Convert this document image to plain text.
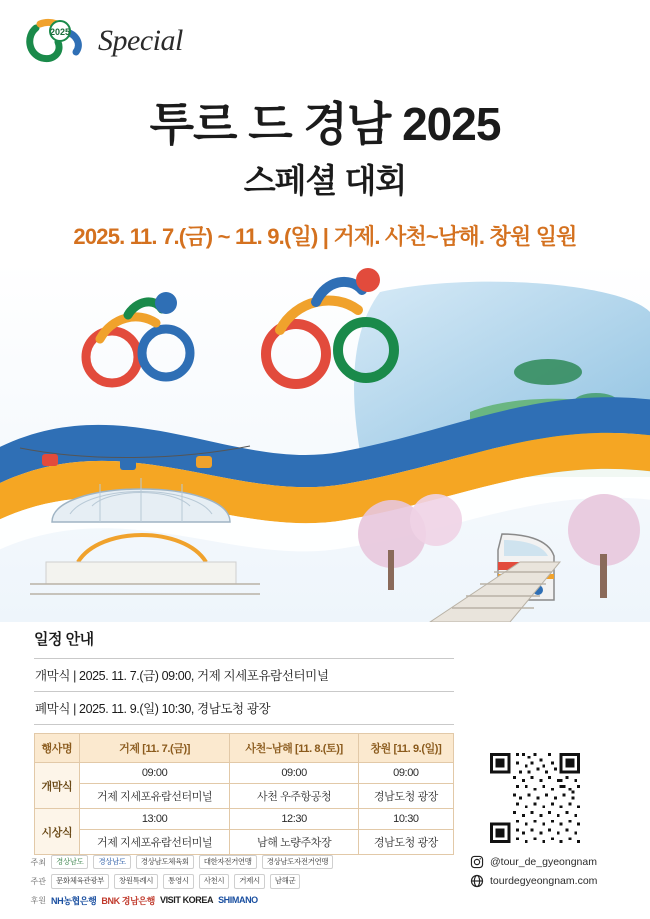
2025 Special
투르 드 경남 2025
스페셜 대회
2025. 11. 7.(금) ~ 11. 9.(일) | 거제. 사천~남해. 창원 일원
일정 안내
개막식 | 2025. 11. 7.(금) 09:00, 거제 지세포유람선터미널
폐막식 | 2025. 11. 9.(일) 10:30, 경남도청 광장
행사명	거제 [11. 7.(금)]	사천~남해 [11. 8.(토)]	창원 [11. 9.(일)]
개막식	09:00	09:00	09:00
	거제 지세포유람선터미널	사천 우주항공청	경남도청 광장
시상식	13:00	12:30	10:30
	거제 지세포유람선터미널	남해 노량주차장	경남도청 광장
@tour_de_gyeongnam
tourdegyeongnam.com
주최	경상남도	경상남도	경상남도체육회	대한자전거연맹	경상남도자전거연맹
주관	문화체육관광부	창원특례시	통영시	사천시	거제시	남해군
후원 NH농협은행 BNK 경남은행 VISIT KOREA SHIMANO
